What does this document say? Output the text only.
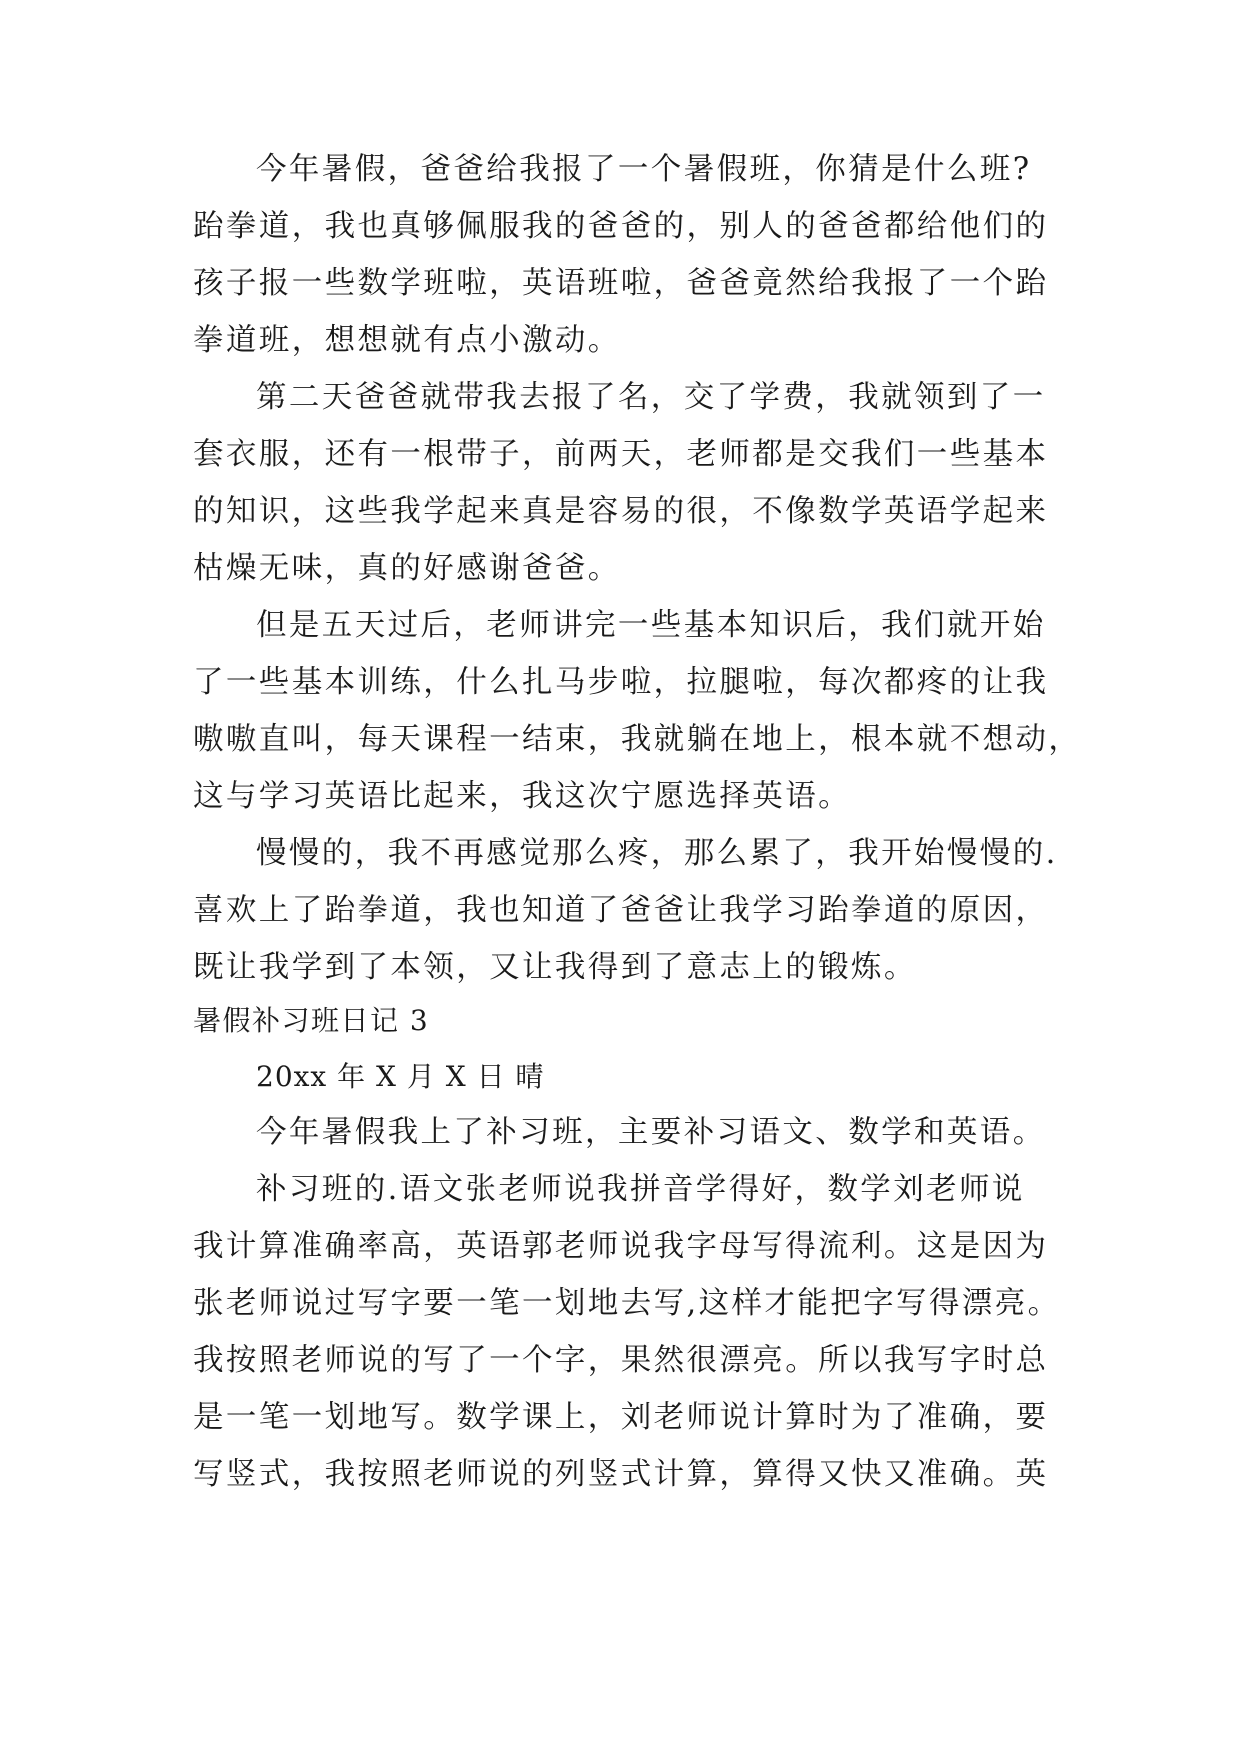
今年暑假，爸爸给我报了一个暑假班，你猜是什么班?
跆拳道，我也真够佩服我的爸爸的，别人的爸爸都给他们的
孩子报一些数学班啦，英语班啦，爸爸竟然给我报了一个跆
拳道班，想想就有点小激动。
第二天爸爸就带我去报了名，交了学费，我就领到了一
套衣服，还有一根带子，前两天，老师都是交我们一些基本
的知识，这些我学起来真是容易的很，不像数学英语学起来
枯燥无味，真的好感谢爸爸。
但是五天过后，老师讲完一些基本知识后，我们就开始
了一些基本训练，什么扎马步啦，拉腿啦，每次都疼的让我
嗷嗷直叫，每天课程一结束，我就躺在地上，根本就不想动，
这与学习英语比起来，我这次宁愿选择英语。
慢慢的，我不再感觉那么疼，那么累了，我开始慢慢的.
喜欢上了跆拳道，我也知道了爸爸让我学习跆拳道的原因，
既让我学到了本领，又让我得到了意志上的锻炼。
暑假补习班日记 3
20xx 年 X 月 X 日 晴
今年暑假我上了补习班，主要补习语文、数学和英语。
补习班的.语文张老师说我拼音学得好，数学刘老师说
我计算准确率高，英语郭老师说我字母写得流利。这是因为
张老师说过写字要一笔一划地去写,这样才能把字写得漂亮。
我按照老师说的写了一个字，果然很漂亮。所以我写字时总
是一笔一划地写。数学课上，刘老师说计算时为了准确，要
写竖式，我按照老师说的列竖式计算，算得又快又准确。英
